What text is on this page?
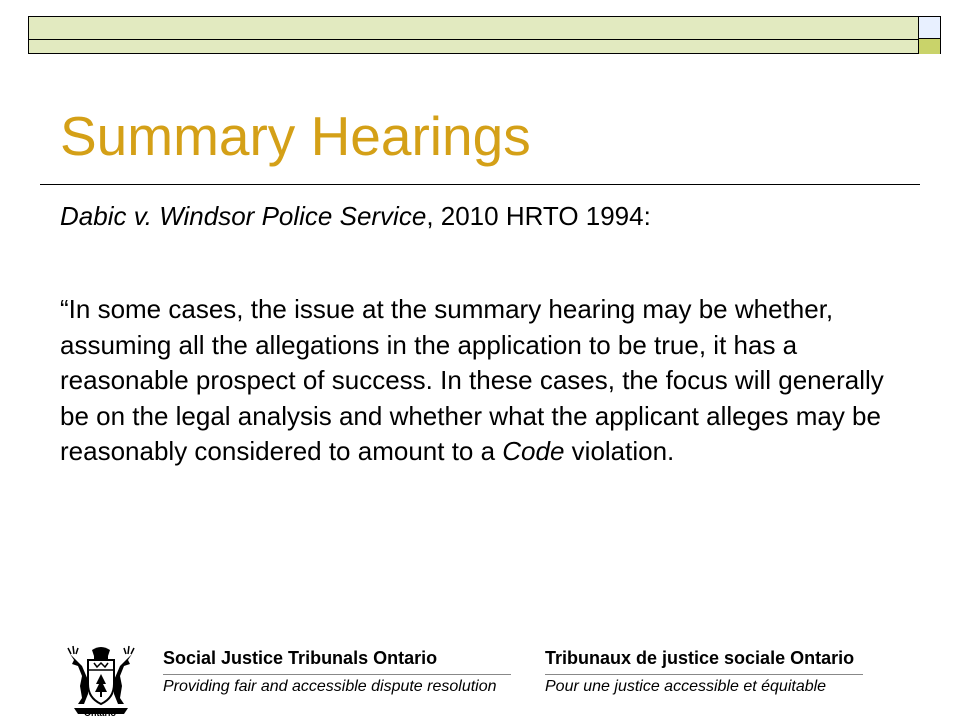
Summary Hearings

Dabic v. Windsor Police Service, 2010 HRTO 1994:

“In some cases, the issue at the summary hearing may be whether, assuming all the allegations in the application to be true, it has a reasonable prospect of success. In these cases, the focus will generally be on the legal analysis and whether what the applicant alleges may be reasonably considered to amount to a Code violation.

Ontario
Social Justice Tribunals Ontario
Providing fair and accessible dispute resolution
Tribunaux de justice sociale Ontario
Pour une justice accessible et équitable
